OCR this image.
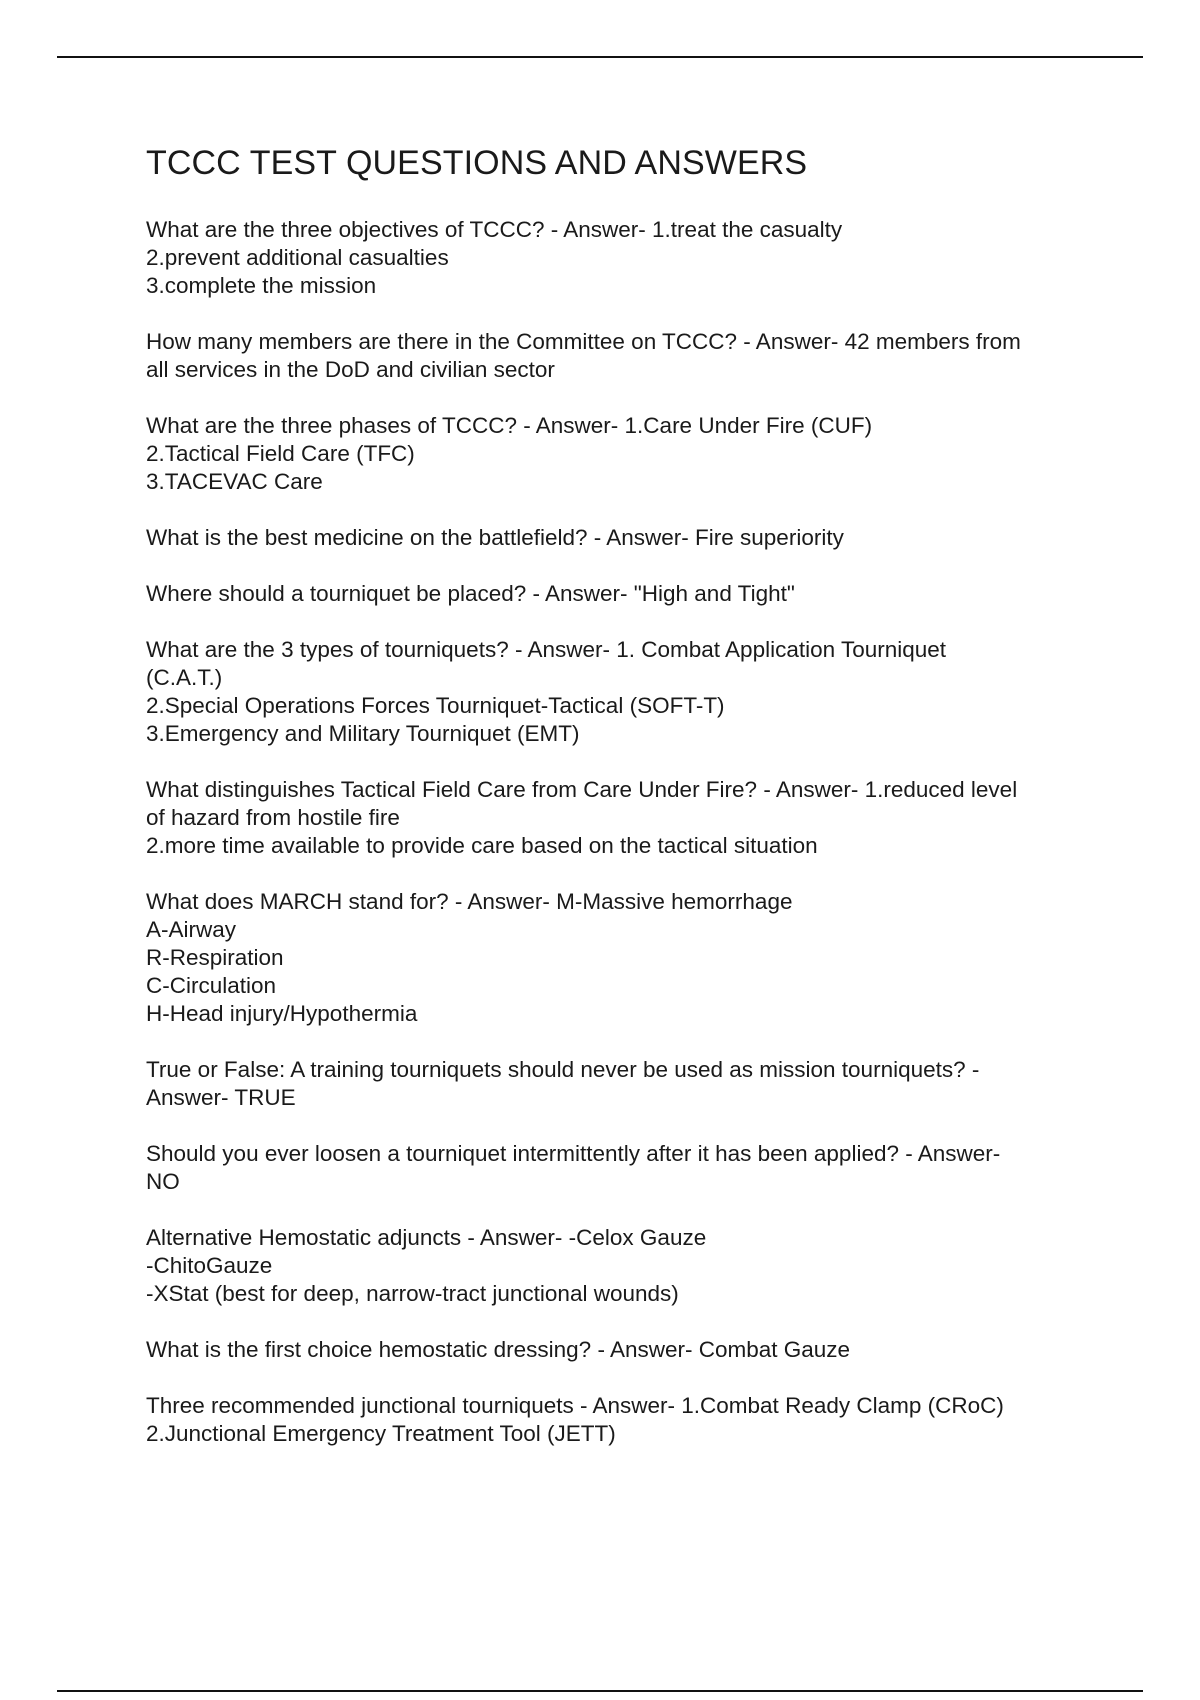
TCCC TEST QUESTIONS AND ANSWERS
What are the three objectives of TCCC? - Answer- 1.treat the casualty
2.prevent additional casualties
3.complete the mission
How many members are there in the Committee on TCCC? - Answer- 42 members from
all services in the DoD and civilian sector
What are the three phases of TCCC? - Answer- 1.Care Under Fire (CUF)
2.Tactical Field Care (TFC)
3.TACEVAC Care
What is the best medicine on the battlefield? - Answer- Fire superiority
Where should a tourniquet be placed? - Answer- "High and Tight"
What are the 3 types of tourniquets? - Answer- 1. Combat Application Tourniquet
(C.A.T.)
2.Special Operations Forces Tourniquet-Tactical (SOFT-T)
3.Emergency and Military Tourniquet (EMT)
What distinguishes Tactical Field Care from Care Under Fire? - Answer- 1.reduced level
of hazard from hostile fire
2.more time available to provide care based on the tactical situation
What does MARCH stand for? - Answer- M-Massive hemorrhage
A-Airway
R-Respiration
C-Circulation
H-Head injury/Hypothermia
True or False: A training tourniquets should never be used as mission tourniquets? -
Answer- TRUE
Should you ever loosen a tourniquet intermittently after it has been applied? - Answer-
NO
Alternative Hemostatic adjuncts - Answer- -Celox Gauze
-ChitoGauze
-XStat (best for deep, narrow-tract junctional wounds)
What is the first choice hemostatic dressing? - Answer- Combat Gauze
Three recommended junctional tourniquets - Answer- 1.Combat Ready Clamp (CRoC)
2.Junctional Emergency Treatment Tool (JETT)
